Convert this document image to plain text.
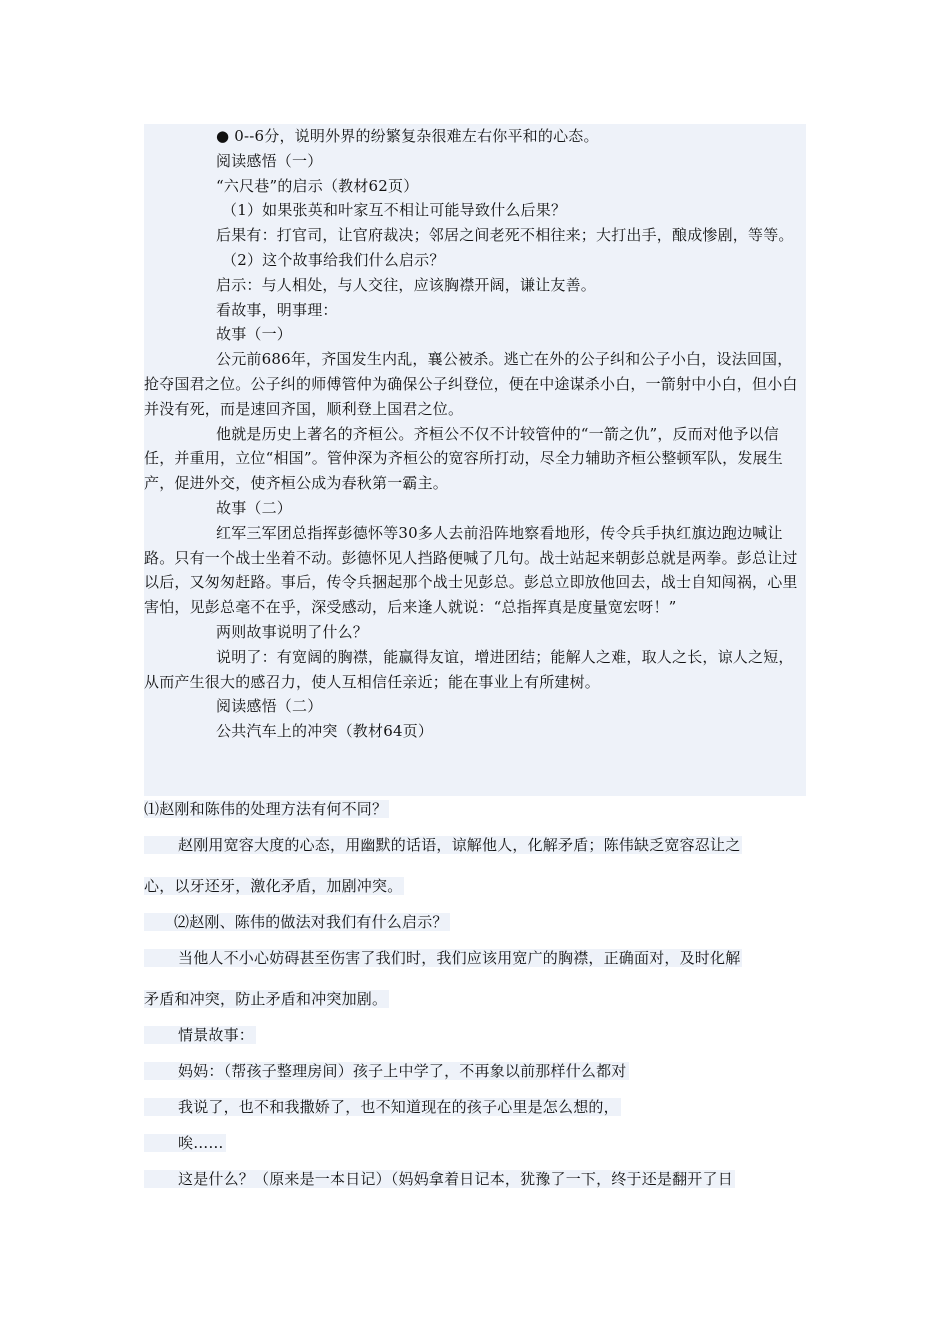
● 0--6分，说明外界的纷繁复杂很难左右你平和的心态。

阅读感悟（一）

“六尺巷”的启示（教材62页）

（1）如果张英和叶家互不相让可能导致什么后果？

后果有：打官司，让官府裁决；邻居之间老死不相往来；大打出手，酿成惨剧，等等。

（2）这个故事给我们什么启示？

启示：与人相处，与人交往，应该胸襟开阔，谦让友善。

看故事，明事理：

故事（一）

公元前686年，齐国发生内乱，襄公被杀。逃亡在外的公子纠和公子小白，设法回国，抢夺国君之位。公子纠的师傅管仲为确保公子纠登位，便在中途谋杀小白，一箭射中小白，但小白并没有死，而是速回齐国，顺利登上国君之位。

他就是历史上著名的齐桓公。齐桓公不仅不计较管仲的“一箭之仇”，反而对他予以信任，并重用，立位“相国”。管仲深为齐桓公的宽容所打动，尽全力辅助齐桓公整顿军队，发展生产，促进外交，使齐桓公成为春秋第一霸主。

故事（二）

红军三军团总指挥彭德怀等30多人去前沿阵地察看地形，传令兵手执红旗边跑边喊让路。只有一个战士坐着不动。彭德怀见人挡路便喊了几句。战士站起来朝彭总就是两拳。彭总让过以后，又匆匆赶路。事后，传令兵捆起那个战士见彭总。彭总立即放他回去，战士自知闯祸，心里害怕，见彭总毫不在乎，深受感动，后来逢人就说：“总指挥真是度量宽宏呀！”

两则故事说明了什么？

说明了：有宽阔的胸襟，能赢得友谊，增进团结；能解人之难，取人之长，谅人之短，从而产生很大的感召力，使人互相信任亲近；能在事业上有所建树。

阅读感悟（二）

公共汽车上的冲突（教材64页）

⑴赵刚和陈伟的处理方法有何不同？
赵刚用宽容大度的心态，用幽默的话语，谅解他人，化解矛盾；陈伟缺乏宽容忍让之
心，以牙还牙，激化矛盾，加剧冲突。
⑵赵刚、陈伟的做法对我们有什么启示？
当他人不小心妨碍甚至伤害了我们时，我们应该用宽广的胸襟，正确面对，及时化解
矛盾和冲突，防止矛盾和冲突加剧。
情景故事：
妈妈：（帮孩子整理房间）孩子上中学了，不再象以前那样什么都对
我说了，也不和我撒娇了，也不知道现在的孩子心里是怎么想的，
唉……
这是什么？（原来是一本日记）（妈妈拿着日记本，犹豫了一下，终于还是翻开了日
